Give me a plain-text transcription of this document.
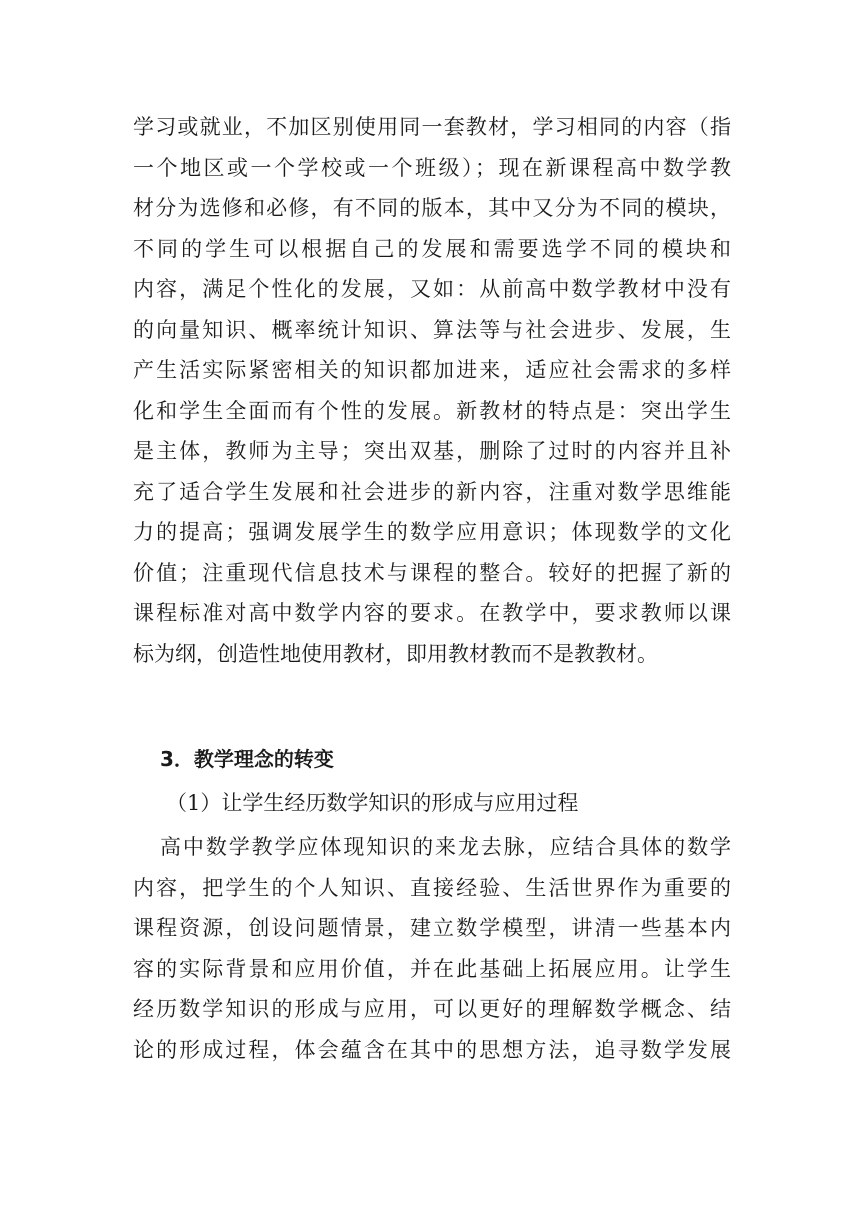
学习或就业，不加区别使用同一套教材，学习相同的内容（指
一个地区或一个学校或一个班级）；现在新课程高中数学教
材分为选修和必修，有不同的版本，其中又分为不同的模块，
不同的学生可以根据自己的发展和需要选学不同的模块和
内容，满足个性化的发展，又如：从前高中数学教材中没有
的向量知识、概率统计知识、算法等与社会进步、发展，生
产生活实际紧密相关的知识都加进来，适应社会需求的多样
化和学生全面而有个性的发展。新教材的特点是：突出学生
是主体，教师为主导；突出双基，删除了过时的内容并且补
充了适合学生发展和社会进步的新内容，注重对数学思维能
力的提高；强调发展学生的数学应用意识；体现数学的文化
价值；注重现代信息技术与课程的整合。较好的把握了新的
课程标准对高中数学内容的要求。在教学中，要求教师以课
标为纲，创造性地使用教材，即用教材教而不是教教材。
3．教学理念的转变
（1）让学生经历数学知识的形成与应用过程
高中数学教学应体现知识的来龙去脉，应结合具体的数学
内容，把学生的个人知识、直接经验、生活世界作为重要的
课程资源，创设问题情景，建立数学模型，讲清一些基本内
容的实际背景和应用价值，并在此基础上拓展应用。让学生
经历数学知识的形成与应用，可以更好的理解数学概念、结
论的形成过程，体会蕴含在其中的思想方法，追寻数学发展
